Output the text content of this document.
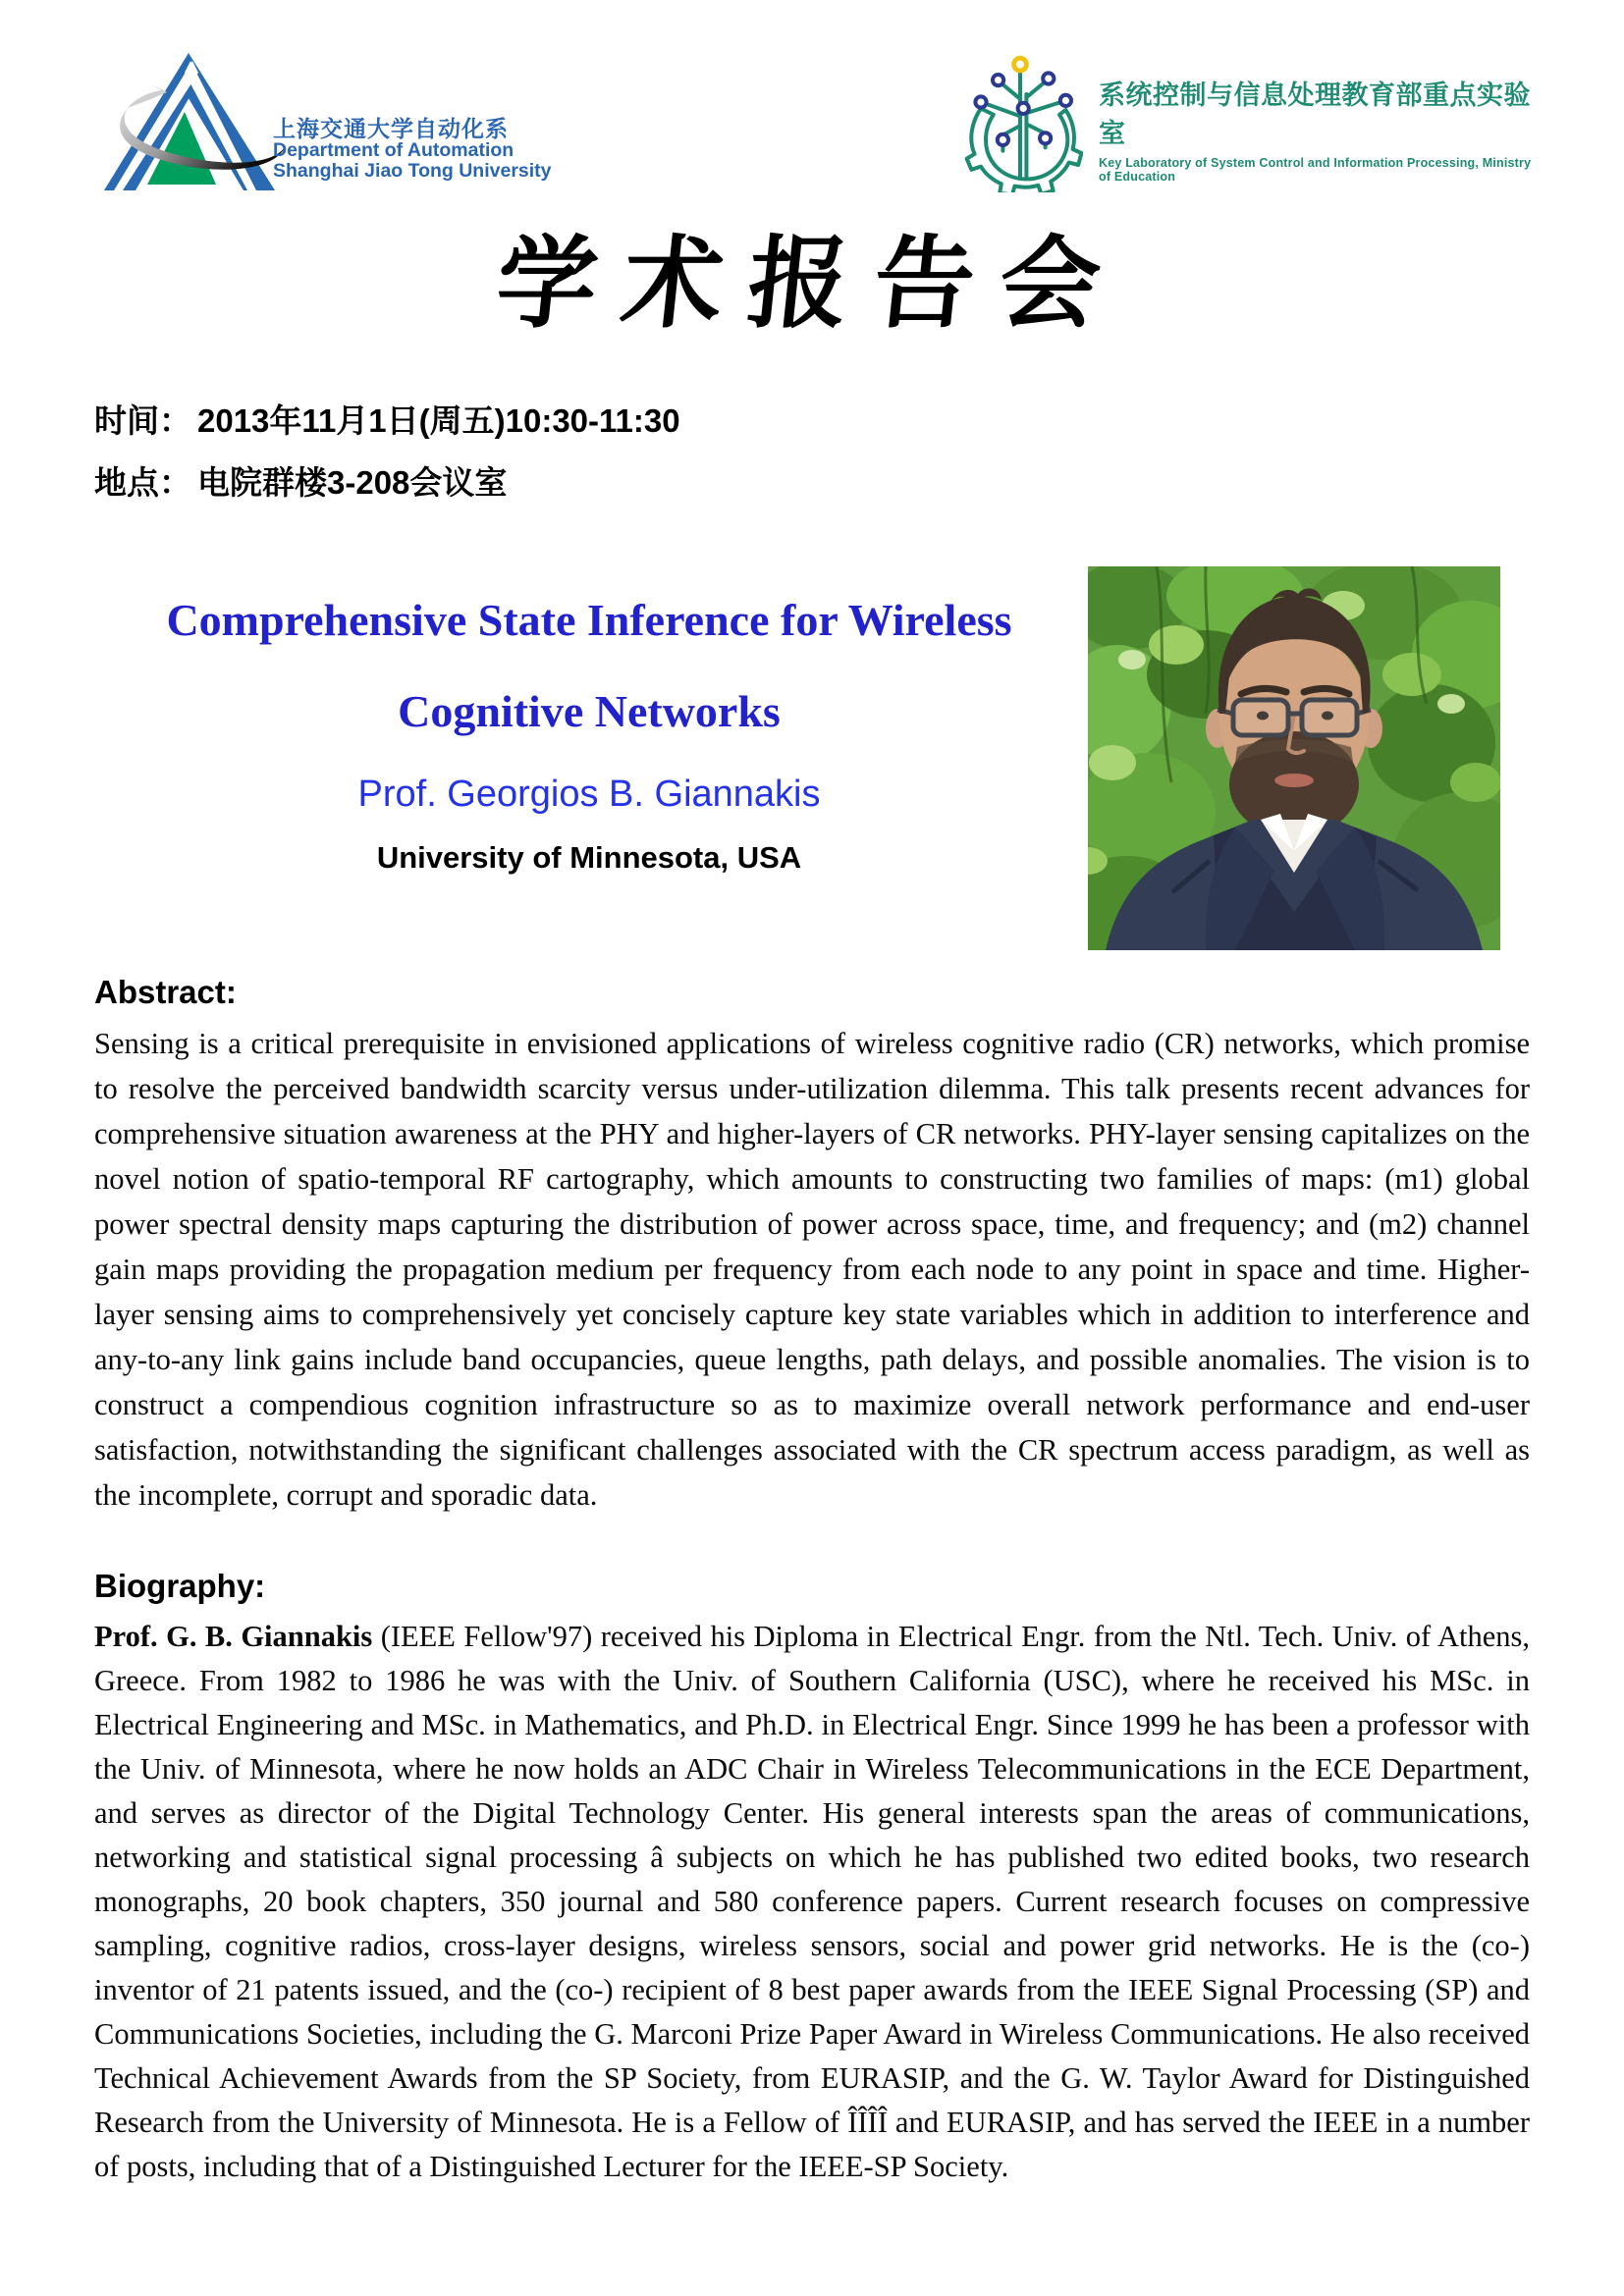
上海交通大学自动化系
Department of Automation
Shanghai Jiao Tong University
系统控制与信息处理教育部重点实验室
Key Laboratory of System Control and Information Processing, Ministry of Education
学术报告会
时间： 2013年11月1日(周五)10:30-11:30
地点： 电院群楼3-208会议室
Comprehensive State Inference for Wireless
Cognitive Networks
Prof. Georgios B. Giannakis
University of Minnesota, USA
Abstract:

Sensing is a critical prerequisite in envisioned applications of wireless cognitive radio (CR) networks, which promise to resolve the perceived bandwidth scarcity versus under-utilization dilemma. This talk presents recent advances for comprehensive situation awareness at the PHY and higher-layers of CR networks. PHY-layer sensing capitalizes on the novel notion of spatio-temporal RF cartography, which amounts to constructing two families of maps: (m1) global power spectral density maps capturing the distribution of power across space, time, and frequency; and (m2) channel gain maps providing the propagation medium per frequency from each node to any point in space and time. Higher-layer sensing aims to comprehensively yet concisely capture key state variables which in addition to interference and any-to-any link gains include band occupancies, queue lengths, path delays, and possible anomalies. The vision is to construct a compendious cognition infrastructure so as to maximize overall network performance and end-user satisfaction, notwithstanding the significant challenges associated with the CR spectrum access paradigm, as well as the incomplete, corrupt and sporadic data.

Biography:

Prof. G. B. Giannakis (IEEE Fellow'97) received his Diploma in Electrical Engr. from the Ntl. Tech. Univ. of Athens, Greece. From 1982 to 1986 he was with the Univ. of Southern California (USC), where he received his MSc. in Electrical Engineering and MSc. in Mathematics, and Ph.D. in Electrical Engr. Since 1999 he has been a professor with the Univ. of Minnesota, where he now holds an ADC Chair in Wireless Telecommunications in the ECE Department, and serves as director of the Digital Technology Center. His general interests span the areas of communications, networking and statistical signal processing â subjects on which he has published two edited books, two research monographs, 20 book chapters, 350 journal and 580 conference papers. Current research focuses on compressive sampling, cognitive radios, cross-layer designs, wireless sensors, social and power grid networks. He is the (co-) inventor of 21 patents issued, and the (co-) recipient of 8 best paper awards from the IEEE Signal Processing (SP) and Communications Societies, including the G. Marconi Prize Paper Award in Wireless Communications. He also received Technical Achievement Awards from the SP Society, from EURASIP, and the G. W. Taylor Award for Distinguished Research from the University of Minnesota. He is a Fellow of ÎÎÎÎ and EURASIP, and has served the IEEE in a number of posts, including that of a Distinguished Lecturer for the IEEE-SP Society.
